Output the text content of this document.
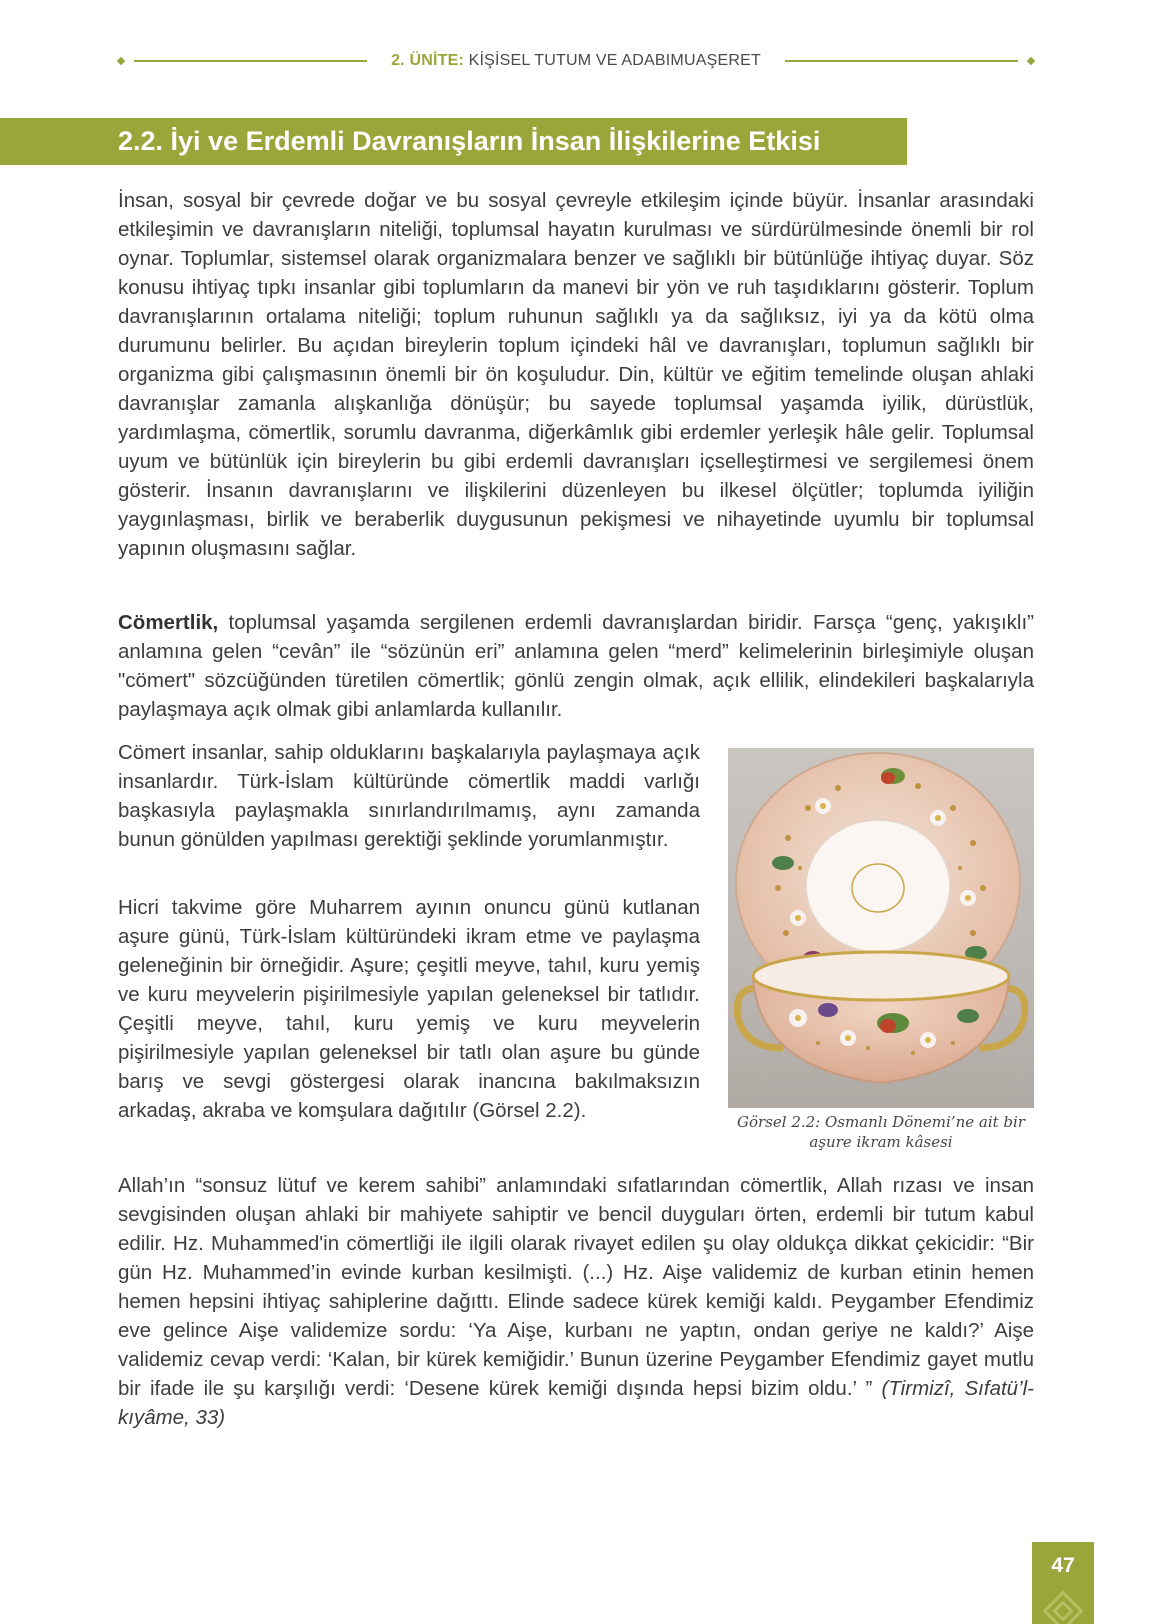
2. ÜNİTE: KİŞİSEL TUTUM VE ADABIMUAŞERET
2.2. İyi ve Erdemli Davranışların İnsan İlişkilerine Etkisi

İnsan, sosyal bir çevrede doğar ve bu sosyal çevreyle etkileşim içinde büyür. İnsanlar arasındaki etkileşimin ve davranışların niteliği, toplumsal hayatın kurulması ve sürdürülmesinde önemli bir rol oynar. Toplumlar, sistemsel olarak organizmalara benzer ve sağlıklı bir bütünlüğe ihtiyaç duyar. Söz konusu ihtiyaç tıpkı insanlar gibi toplumların da manevi bir yön ve ruh taşıdıklarını gösterir. Toplum davranışlarının ortalama niteliği; toplum ruhunun sağlıklı ya da sağlıksız, iyi ya da kötü olma durumunu belirler. Bu açıdan bireylerin toplum içindeki hâl ve davranışları, toplumun sağlıklı bir organizma gibi çalışmasının önemli bir ön koşuludur. Din, kültür ve eğitim temelinde oluşan ahlaki davranışlar zamanla alışkanlığa dönüşür; bu sayede toplumsal yaşamda iyilik, dürüstlük, yardımlaşma, cömertlik, sorumlu davranma, diğerkâmlık gibi erdemler yerleşik hâle gelir. Toplumsal uyum ve bütünlük için bireylerin bu gibi erdemli davranışları içselleştirmesi ve sergilemesi önem gösterir. İnsanın davranışlarını ve ilişkilerini düzenleyen bu ilkesel ölçütler; toplumda iyiliğin yaygınlaşması, birlik ve beraberlik duygusunun pekişmesi ve nihayetinde uyumlu bir toplumsal yapının oluşmasını sağlar.

Cömertlik, toplumsal yaşamda sergilenen erdemli davranışlardan biridir. Farsça “genç, yakışıklı” anlamına gelen “cevân” ile “sözünün eri” anlamına gelen “merd” kelimelerinin birleşimiyle oluşan "cömert" sözcüğünden türetilen cömertlik; gönlü zengin olmak, açık ellilik, elindekileri başkalarıyla paylaşmaya açık olmak gibi anlamlarda kullanılır.

Cömert insanlar, sahip olduklarını başkalarıyla paylaşmaya açık insanlardır. Türk-İslam kültüründe cömertlik maddi varlığı başkasıyla paylaşmakla sınırlandırılmamış, aynı zamanda bunun gönülden yapılması gerektiği şeklinde yorumlanmıştır.

Hicri takvime göre Muharrem ayının onuncu günü kutlanan aşure günü, Türk-İslam kültüründeki ikram etme ve paylaşma geleneğinin bir örneğidir. Aşure; çeşitli meyve, tahıl, kuru yemiş ve kuru meyvelerin pişirilmesiyle yapılan geleneksel bir tatlıdır. Çeşitli meyve, tahıl, kuru yemiş ve kuru meyvelerin pişirilmesiyle yapılan geleneksel bir tatlı olan aşure bu günde barış ve sevgi göstergesi olarak inancına bakılmaksızın arkadaş, akraba ve komşulara dağıtılır (Görsel 2.2).	Görsel 2.2: Osmanlı Dönemi’ne ait bir aşure ikram kâsesi

Allah’ın “sonsuz lütuf ve kerem sahibi” anlamındaki sıfatlarından cömertlik, Allah rızası ve insan sevgisinden oluşan ahlaki bir mahiyete sahiptir ve bencil duyguları örten, erdemli bir tutum kabul edilir. Hz. Muhammed'in cömertliği ile ilgili olarak rivayet edilen şu olay oldukça dikkat çekicidir: “Bir gün Hz. Muhammed’in evinde kurban kesilmişti. (...) Hz. Aişe validemiz de kurban etinin hemen hemen hepsini ihtiyaç sahiplerine dağıttı. Elinde sadece kürek kemiği kaldı. Peygamber Efendimiz eve gelince Aişe validemize sordu: ‘Ya Aişe, kurbanı ne yaptın, ondan geriye ne kaldı?’ Aişe validemiz cevap verdi: ‘Kalan, bir kürek kemiğidir.’ Bunun üzerine Peygamber Efendimiz gayet mutlu bir ifade ile şu karşılığı verdi: ‘Desene kürek kemiği dışında hepsi bizim oldu.’ ” (Tirmizî, Sıfatü’l-kıyâme, 33)

47
